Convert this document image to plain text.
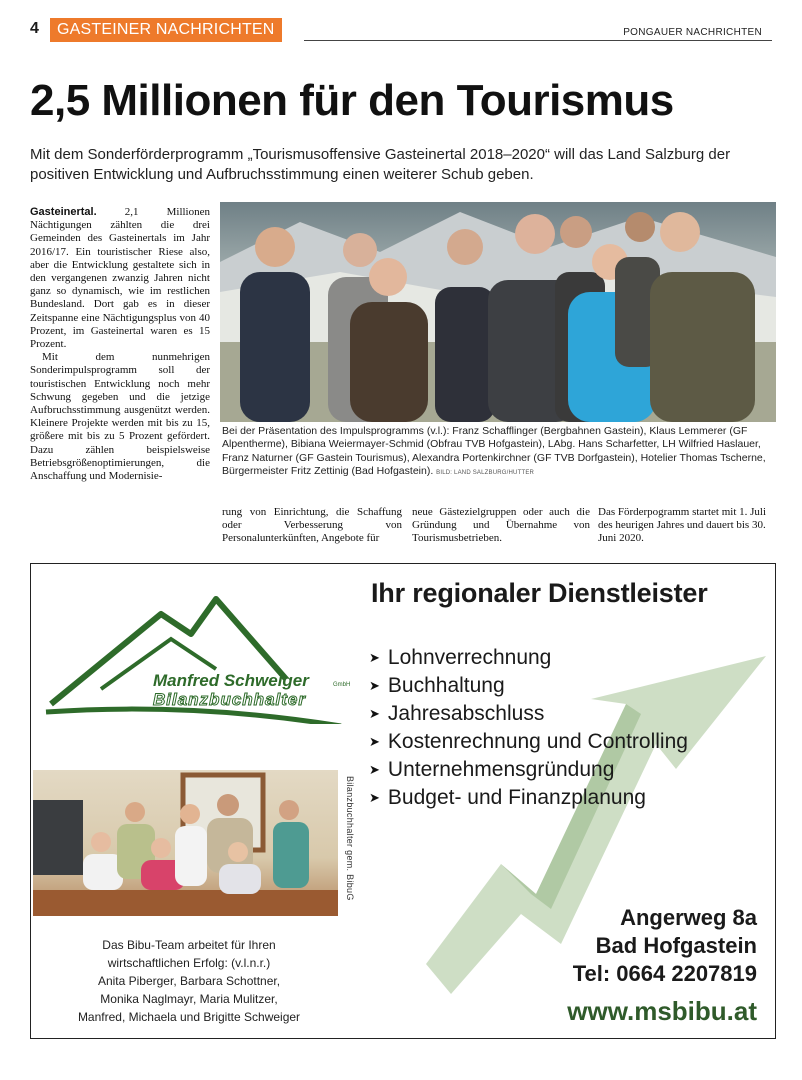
4	GASTEINER NACHRICHTEN	PONGAUER NACHRICHTEN
2,5 Millionen für den Tourismus

Mit dem Sonderförderprogramm „Tourismusoffensive Gasteinertal 2018–2020“ will das Land Salzburg der positiven Entwicklung und Aufbruchsstimmung einen weiterer Schub geben.

Gasteinertal.	2,1 Millionen Nächtigungen zählten die drei Gemeinden des Gasteinertals im Jahr 2016/17. Ein touristischer Riese also, aber die Entwicklung gestaltete sich in den vergangenen zwanzig Jahren nicht ganz so dynamisch, wie im restlichen Bundesland. Dort gab es in dieser Zeitspanne eine Nächtigungsplus von 40 Prozent, im Gasteinertal waren es 15 Prozent.

Mit dem nunmehrigen Sonderimpulsprogramm soll der touristischen Entwicklung noch mehr Schwung gegeben und die jetzige Aufbruchsstimmung ausgenützt werden. Kleinere Projekte werden mit bis zu 15, größere mit bis zu 5 Prozent gefördert. Dazu zählen beispielsweise Betriebsgrößenoptimierungen, die Anschaffung und Modernisie-

Bei der Präsentation des Impulsprogramms (v.l.): Franz Schafflinger (Bergbahnen Gastein), Klaus Lemmerer (GF Alpentherme), Bibiana Weiermayer-Schmid (Obfrau TVB Hofgastein), LAbg. Hans Scharfetter, LH Wilfried Haslauer, Franz Naturner (GF Gastein Tourismus), Alexandra Portenkirchner (GF TVB Dorfgastein), Hotelier Thomas Tscherne, Bürgermeister Fritz Zettinig (Bad Hofgastein). BILD: LAND SALZBURG/HUTTER

rung von Einrichtung, die Schaffung oder Verbesserung von Personalunterkünften, Angebote für

neue Gästezielgruppen oder auch die Gründung und Übernahme von Tourismusbetrieben.

Das Förderpogramm startet mit 1. Juli des heurigen Jahres und dauert bis 30. Juni 2020.

Manfred Schweiger	GmbH
Bilanzbuchhalter
Ihr regionaler Dienstleister
➤ Lohnverrechnung
➤ Buchhaltung
➤ Jahresabschluss
➤ Kostenrechnung und Controlling
➤ Unternehmensgründung
➤ Budget- und Finanzplanung
Bilanzbuchhalter gem. BibuG
Das Bibu-Team arbeitet für Ihren
wirtschaftlichen Erfolg: (v.l.n.r.)
Anita Piberger, Barbara Schottner,
Monika Naglmayr, Maria Mulitzer,
Manfred, Michaela und Brigitte Schweiger
Angerweg 8a
Bad Hofgastein
Tel: 0664 2207819
www.msbibu.at
